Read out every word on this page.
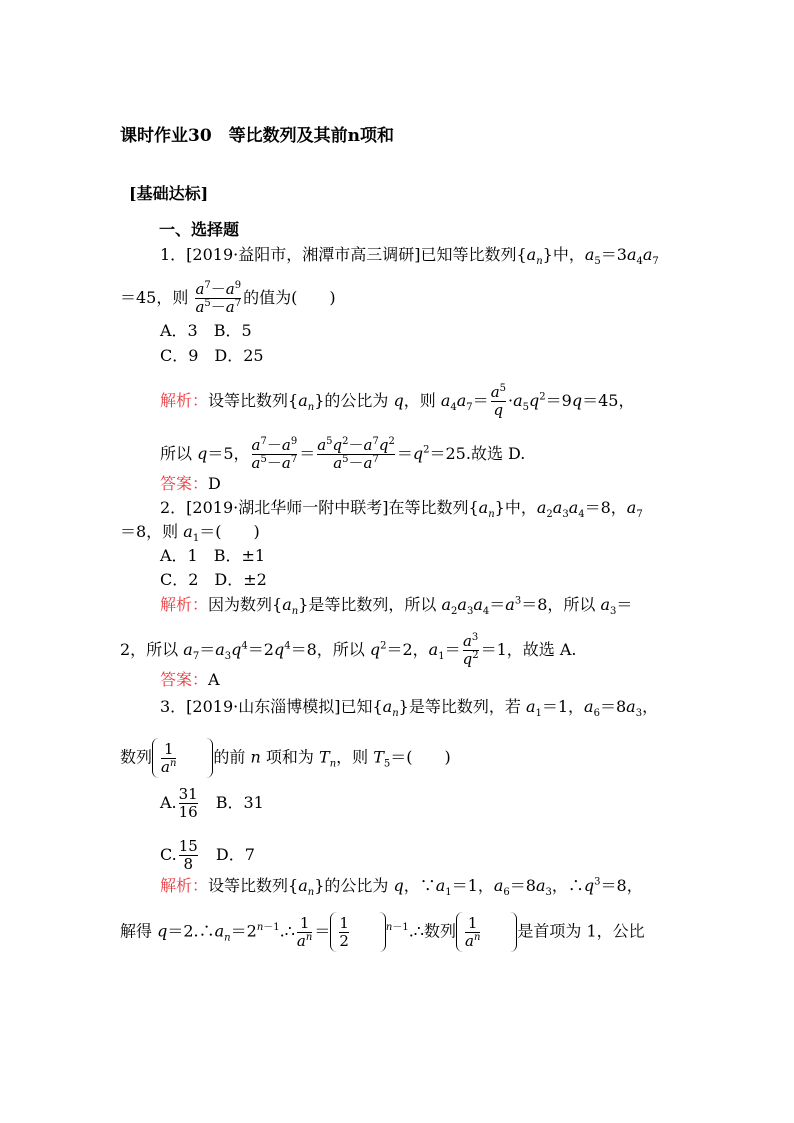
课时作业30　等比数列及其前n项和
[基础达标]
一、选择题
1．[2019·益阳市，湘潭市高三调研]已知等比数列$\{a_n\}$中，$a_5=3a_4a_7$
＝45，则 $\frac{a^7-a^9}{a^5-a^7}$ 的值为(　　)
A．3　B．5
C．9　D．25
解析：设等比数列$\{a_n\}$的公比为 q，则 $a_4a_7= \frac{a^5}{q} \cdot a_5q^2=9q=45$，
所以 q＝5， $\frac{a^7-a^9}{a^5-a^7} = \frac{a^5q^2-a^7q^2}{a^5-a^7} =q^2=25$.故选 D.
答案：D
2．[2019·湖北华师一附中联考]在等比数列$\{a_n\}$中，$a_2a_3a_4=8$，$a_7$
＝8，则 $a_1=$(　　)
A．1　B．±1
C．2　D．±2
解析：因为数列$\{a_n\}$是等比数列，所以 $a_2a_3a_4=a^3=8$，所以 $a_3=$
2，所以 $a_7=a_3q^4=2q^4=8$，所以 $q^2=2$，$a_1= \frac{a^3}{q^2} =1$，故选 A.
答案：A
3．[2019·山东淄博模拟]已知$\{a_n\}$是等比数列，若 $a_1=1$，$a_6=8a_3$，
数列 $\frac{1}{a^n}$ 的前 n 项和为 $T_n$，则 $T_5=$(　　)
A. $\frac{31}{16}$ 　B．31
C. $\frac{15}{8}$ 　D．7
解析：设等比数列$\{a_n\}$的公比为 q，$\because a_1=1$，$a_6=8a_3$，$\therefore q^3=8$，
解得 $q=2.\therefore a_n=2^{n-1}.\therefore \frac{1}{a^n} = \frac{1}{2}$	$^{n-1}$.∴数列 $\frac{1}{a^n}$ 是首项为 1，公比
